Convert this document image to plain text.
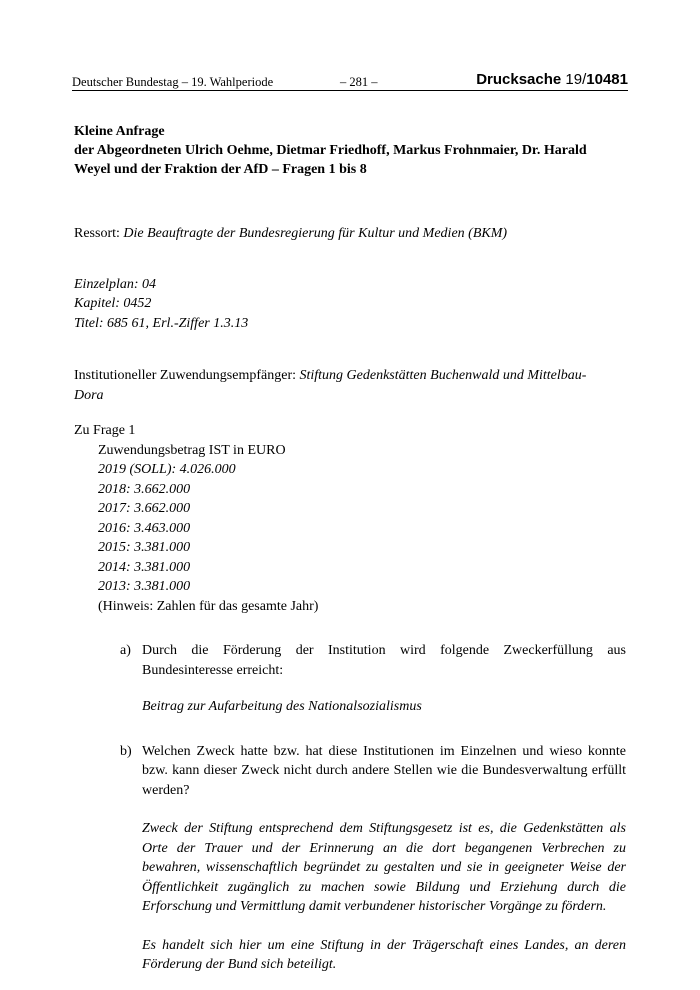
Deutscher Bundestag – 19. Wahlperiode	– 281 –	Drucksache 19/10481
Kleine Anfrage
der Abgeordneten Ulrich Oehme, Dietmar Friedhoff, Markus Frohnmaier, Dr. Harald
Weyel und der Fraktion der AfD – Fragen 1 bis 8

Ressort: Die Beauftragte der Bundesregierung für Kultur und Medien (BKM)

Einzelplan: 04
Kapitel: 0452
Titel: 685 61, Erl.-Ziffer 1.3.13
Institutioneller Zuwendungsempfänger: Stiftung Gedenkstätten Buchenwald und Mittelbau-
Dora
Zu Frage 1
Zuwendungsbetrag IST in EURO
2019 (SOLL): 4.026.000
2018: 3.662.000
2017: 3.662.000
2016: 3.463.000
2015: 3.381.000
2014: 3.381.000
2013: 3.381.000
(Hinweis: Zahlen für das gesamte Jahr)
a) Durch die Förderung der Institution wird folgende Zweckerfüllung aus Bundesinteresse erreicht:

Beitrag zur Aufarbeitung des Nationalsozialismus

b) Welchen Zweck hatte bzw. hat diese Institutionen im Einzelnen und wieso konnte bzw. kann dieser Zweck nicht durch andere Stellen wie die Bundesverwaltung erfüllt werden?

Zweck der Stiftung entsprechend dem Stiftungsgesetz ist es, die Gedenkstätten als Orte der Trauer und der Erinnerung an die dort begangenen Verbrechen zu bewahren, wissenschaftlich begründet zu gestalten und sie in geeigneter Weise der Öffentlichkeit zugänglich zu machen sowie Bildung und Erziehung durch die Erforschung und Vermittlung damit verbundener historischer Vorgänge zu fördern.

Es handelt sich hier um eine Stiftung in der Trägerschaft eines Landes, an deren Förderung der Bund sich beteiligt.
